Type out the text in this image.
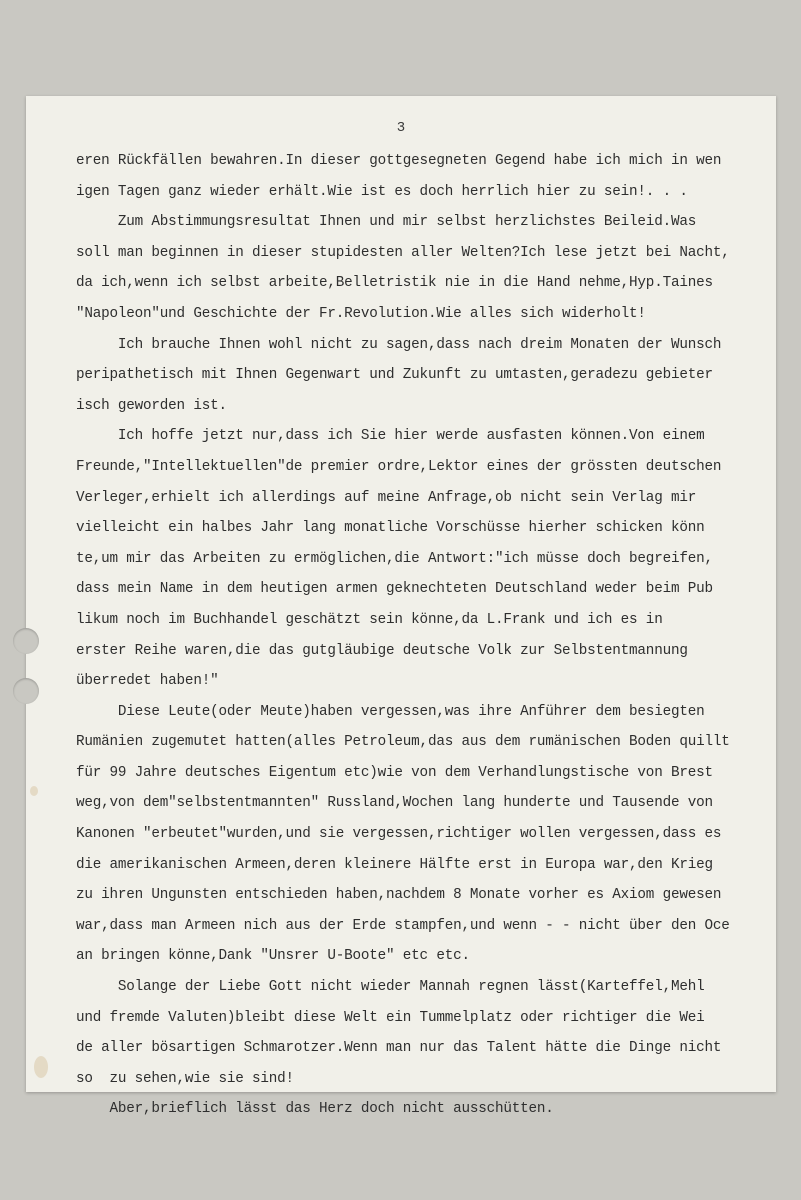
3
eren Rückfällen bewahren.In dieser gottgesegneten Gegend habe ich mich in wen
igen Tagen ganz wieder erhält.Wie ist es doch herrlich hier zu sein!. . .
Zum Abstimmungsresultat Ihnen und mir selbst herzlichstes Beileid.Was
soll man beginnen in dieser stupidesten aller Welten?Ich lese jetzt bei Nacht,
da ich,wenn ich selbst arbeite,Belletristik nie in die Hand nehme,Hyp.Taines
"Napoleon"und Geschichte der Fr.Revolution.Wie alles sich widerholt!
Ich brauche Ihnen wohl nicht zu sagen,dass nach dreim Monaten der Wunsch
peripathetisch mit Ihnen Gegenwart und Zukunft zu umtasten,geradezu gebieter
isch geworden ist.
Ich hoffe jetzt nur,dass ich Sie hier werde ausfasten können.Von einem
Freunde,"Intellektuellen"de premier ordre,Lektor eines der grössten deutschen
Verleger,erhielt ich allerdings auf meine Anfrage,ob nicht sein Verlag mir
vielleicht ein halbes Jahr lang monatliche Vorschüsse hierher schicken könn
te,um mir das Arbeiten zu ermöglichen,die Antwort:"ich müsse doch begreifen,
dass mein Name in dem heutigen armen geknechteten Deutschland weder beim Pub
likum noch im Buchhandel geschätzt sein könne,da L.Frank und ich es in
erster Reihe waren,die das gutgläubige deutsche Volk zur Selbstentmannung
überredet haben!"
Diese Leute(oder Meute)haben vergessen,was ihre Anführer dem besiegten
Rumänien zugemutet hatten(alles Petroleum,das aus dem rumänischen Boden quillt
für 99 Jahre deutsches Eigentum etc)wie von dem Verhandlungstische von Brest
weg,von dem"selbstentmannten" Russland,Wochen lang hunderte und Tausende von
Kanonen "erbeutet"wurden,und sie vergessen,richtiger wollen vergessen,dass es
die amerikanischen Armeen,deren kleinere Hälfte erst in Europa war,den Krieg
zu ihren Ungunsten entschieden haben,nachdem 8 Monate vorher es Axiom gewesen
war,dass man Armeen nich aus der Erde stampfen,und wenn - - nicht über den Oce
an bringen könne,Dank "Unsrer U-Boote" etc etc.
Solange der Liebe Gott nicht wieder Mannah regnen lässt(Karteffel,Mehl
und fremde Valuten)bleibt diese Welt ein Tummelplatz oder richtiger die Wei
de aller bösartigen Schmarotzer.Wenn man nur das Talent hätte die Dinge nicht
so  zu sehen,wie sie sind!
Aber,brieflich lässt das Herz doch nicht ausschütten.
